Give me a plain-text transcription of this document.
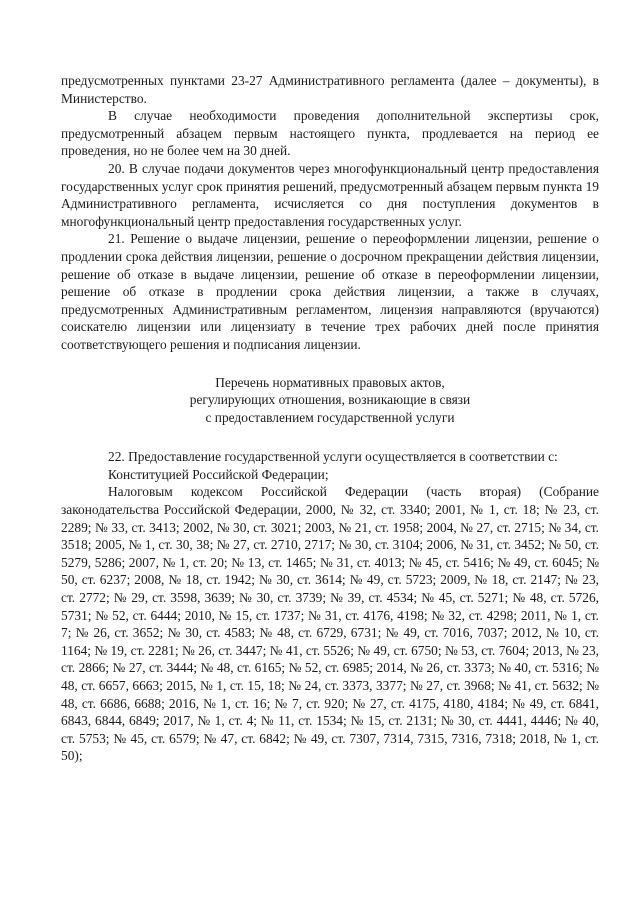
предусмотренных пунктами 23-27 Административного регламента (далее – документы), в Министерство.

В случае необходимости проведения дополнительной экспертизы срок, предусмотренный абзацем первым настоящего пункта, продлевается на период ее проведения, но не более чем на 30 дней.

20. В случае подачи документов через многофункциональный центр предоставления государственных услуг срок принятия решений, предусмотренный абзацем первым пункта 19 Административного регламента, исчисляется со дня поступления документов в многофункциональный центр предоставления государственных услуг.

21. Решение о выдаче лицензии, решение о переоформлении лицензии, решение о продлении срока действия лицензии, решение о досрочном прекращении действия лицензии, решение об отказе в выдаче лицензии, решение об отказе в переоформлении лицензии, решение об отказе в продлении срока действия лицензии, а также в случаях, предусмотренных Административным регламентом, лицензия направляются (вручаются) соискателю лицензии или лицензиату в течение трех рабочих дней после принятия соответствующего решения и подписания лицензии.

Перечень нормативных правовых актов,
регулирующих отношения, возникающие в связи
с предоставлением государственной услуги

22. Предоставление государственной услуги осуществляется в соответствии с:

Конституцией Российской Федерации;

Налоговым кодексом Российской Федерации (часть вторая) (Собрание законодательства Российской Федерации, 2000, № 32, ст. 3340; 2001, № 1, ст. 18; № 23, ст. 2289; № 33, ст. 3413; 2002, № 30, ст. 3021; 2003, № 21, ст. 1958; 2004, № 27, ст. 2715; № 34, ст. 3518; 2005, № 1, ст. 30, 38; № 27, ст. 2710, 2717; № 30, ст. 3104; 2006, № 31, ст. 3452; № 50, ст. 5279, 5286; 2007, № 1, ст. 20; № 13, ст. 1465; № 31, ст. 4013; № 45, ст. 5416; № 49, ст. 6045; № 50, ст. 6237; 2008, № 18, ст. 1942; № 30, ст. 3614; № 49, ст. 5723; 2009, № 18, ст. 2147; № 23, ст. 2772; № 29, ст. 3598, 3639; № 30, ст. 3739; № 39, ст. 4534; № 45, ст. 5271; № 48, ст. 5726, 5731; № 52, ст. 6444; 2010, № 15, ст. 1737; № 31, ст. 4176, 4198; № 32, ст. 4298; 2011, № 1, ст. 7; № 26, ст. 3652; № 30, ст. 4583; № 48, ст. 6729, 6731; № 49, ст. 7016, 7037; 2012, № 10, ст. 1164; № 19, ст. 2281; № 26, ст. 3447; № 41, ст. 5526; № 49, ст. 6750; № 53, ст. 7604; 2013, № 23, ст. 2866; № 27, ст. 3444; № 48, ст. 6165; № 52, ст. 6985; 2014, № 26, ст. 3373; № 40, ст. 5316; № 48, ст. 6657, 6663; 2015, № 1, ст. 15, 18; № 24, ст. 3373, 3377; № 27, ст. 3968; № 41, ст. 5632; № 48, ст. 6686, 6688; 2016, № 1, ст. 16; № 7, ст. 920; № 27, ст. 4175, 4180, 4184; № 49, ст. 6841, 6843, 6844, 6849; 2017, № 1, ст. 4; № 11, ст. 1534; № 15, ст. 2131; № 30, ст. 4441, 4446; № 40, ст. 5753; № 45, ст. 6579; № 47, ст. 6842; № 49, ст. 7307, 7314, 7315, 7316, 7318; 2018, № 1, ст. 50);
